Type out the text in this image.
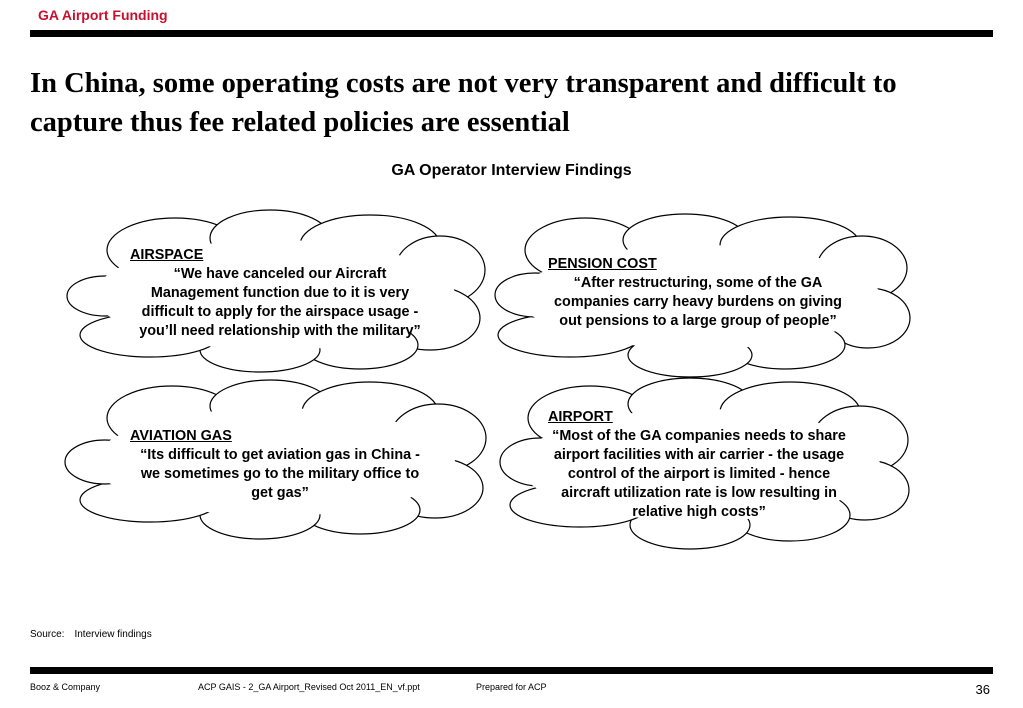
GA Airport Funding
In China, some operating costs are not very transparent and difficult to capture thus fee related policies are essential
GA Operator Interview Findings
AIRSPACE
“We have canceled our Aircraft Management function due to it is very difficult to apply for the airspace usage - you’ll need relationship with the military”
PENSION COST
“After restructuring, some of the GA companies carry heavy burdens on giving out pensions to a large group of people”
AVIATION GAS
“Its difficult to get aviation gas in China - we sometimes go to the military office to get gas”
AIRPORT
“Most of the GA companies needs to share airport facilities with air carrier - the usage control of the airport is limited - hence aircraft utilization rate is low resulting in relative high costs”
Source: Interview findings
Booz & Company	ACP GAIS - 2_GA Airport_Revised Oct 2011_EN_vf.ppt	Prepared for ACP	36
